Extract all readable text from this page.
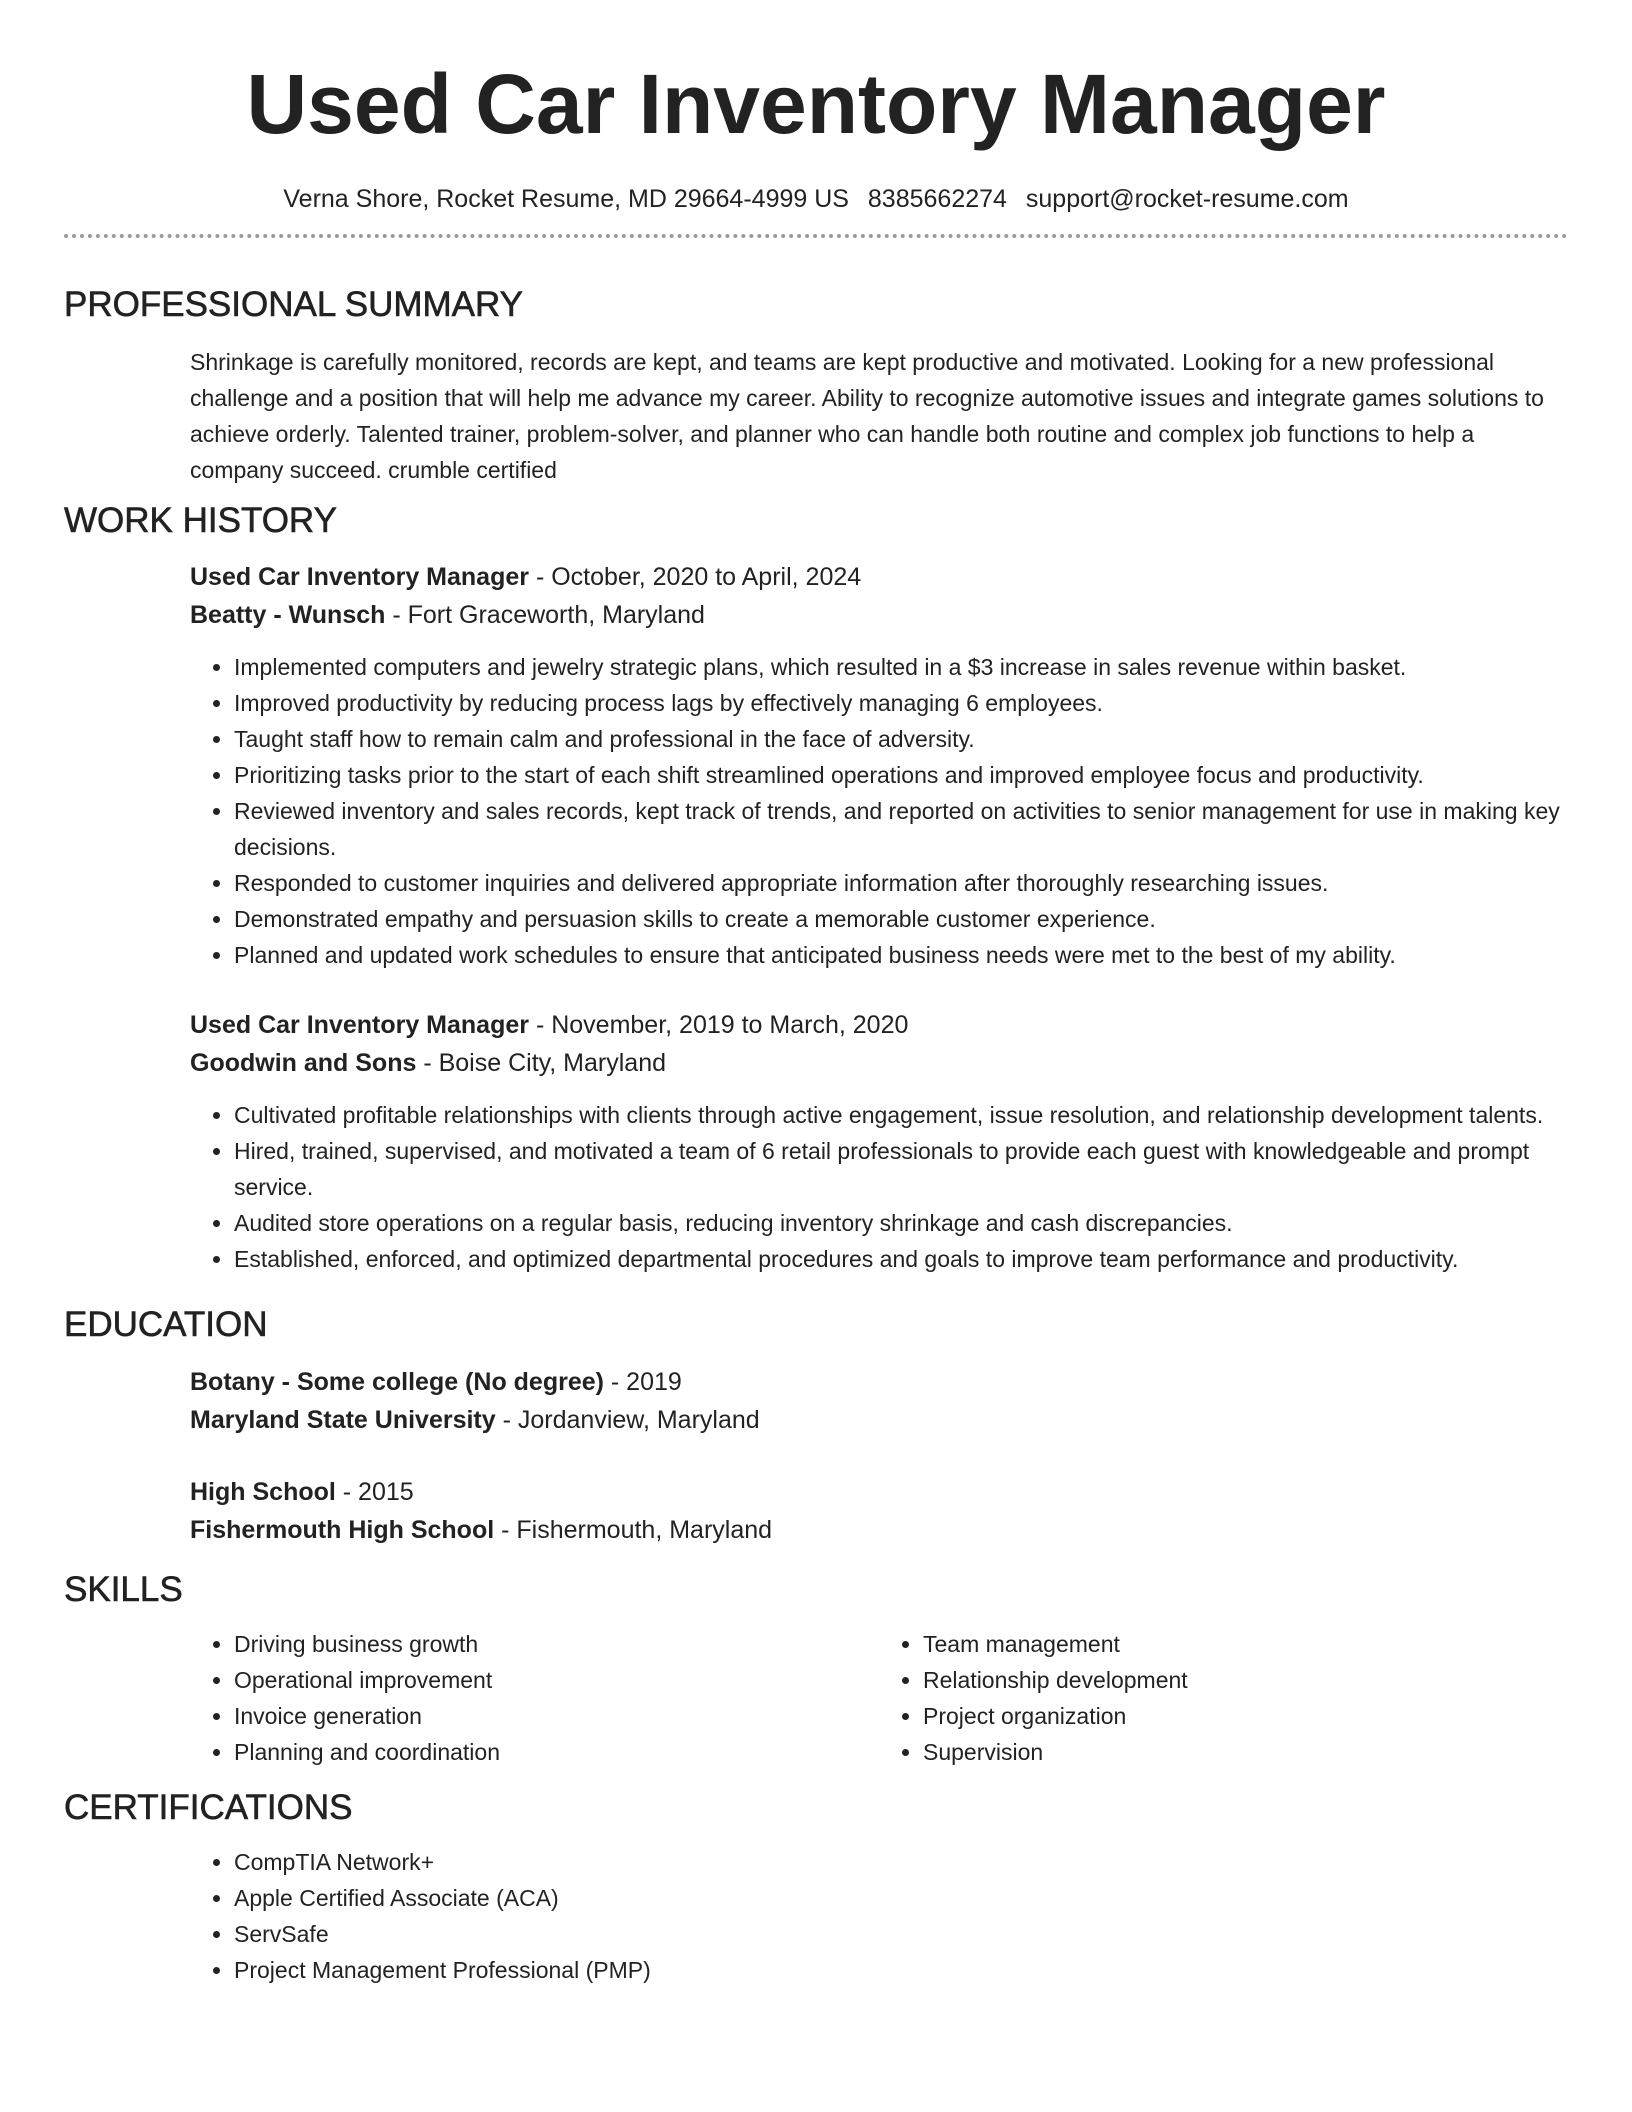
Used Car Inventory Manager
Verna Shore, Rocket Resume, MD 29664-4999 US 8385662274 support@rocket-resume.com
PROFESSIONAL SUMMARY
Shrinkage is carefully monitored, records are kept, and teams are kept productive and motivated. Looking for a new professional challenge and a position that will help me advance my career. Ability to recognize automotive issues and integrate games solutions to achieve orderly. Talented trainer, problem-solver, and planner who can handle both routine and complex job functions to help a company succeed. crumble certified
WORK HISTORY
Used Car Inventory Manager - October, 2020 to April, 2024
Beatty - Wunsch - Fort Graceworth, Maryland
• Implemented computers and jewelry strategic plans, which resulted in a $3 increase in sales revenue within basket.
• Improved productivity by reducing process lags by effectively managing 6 employees.
• Taught staff how to remain calm and professional in the face of adversity.
• Prioritizing tasks prior to the start of each shift streamlined operations and improved employee focus and productivity.
• Reviewed inventory and sales records, kept track of trends, and reported on activities to senior management for use in making key decisions.
• Responded to customer inquiries and delivered appropriate information after thoroughly researching issues.
• Demonstrated empathy and persuasion skills to create a memorable customer experience.
• Planned and updated work schedules to ensure that anticipated business needs were met to the best of my ability.
Used Car Inventory Manager - November, 2019 to March, 2020
Goodwin and Sons - Boise City, Maryland
• Cultivated profitable relationships with clients through active engagement, issue resolution, and relationship development talents.
• Hired, trained, supervised, and motivated a team of 6 retail professionals to provide each guest with knowledgeable and prompt service.
• Audited store operations on a regular basis, reducing inventory shrinkage and cash discrepancies.
• Established, enforced, and optimized departmental procedures and goals to improve team performance and productivity.
EDUCATION
Botany - Some college (No degree) - 2019
Maryland State University - Jordanview, Maryland
High School - 2015
Fishermouth High School - Fishermouth, Maryland
SKILLS
• Driving business growth
• Operational improvement
• Invoice generation
• Planning and coordination
• Team management
• Relationship development
• Project organization
• Supervision
CERTIFICATIONS
• CompTIA Network+
• Apple Certified Associate (ACA)
• ServSafe
• Project Management Professional (PMP)
